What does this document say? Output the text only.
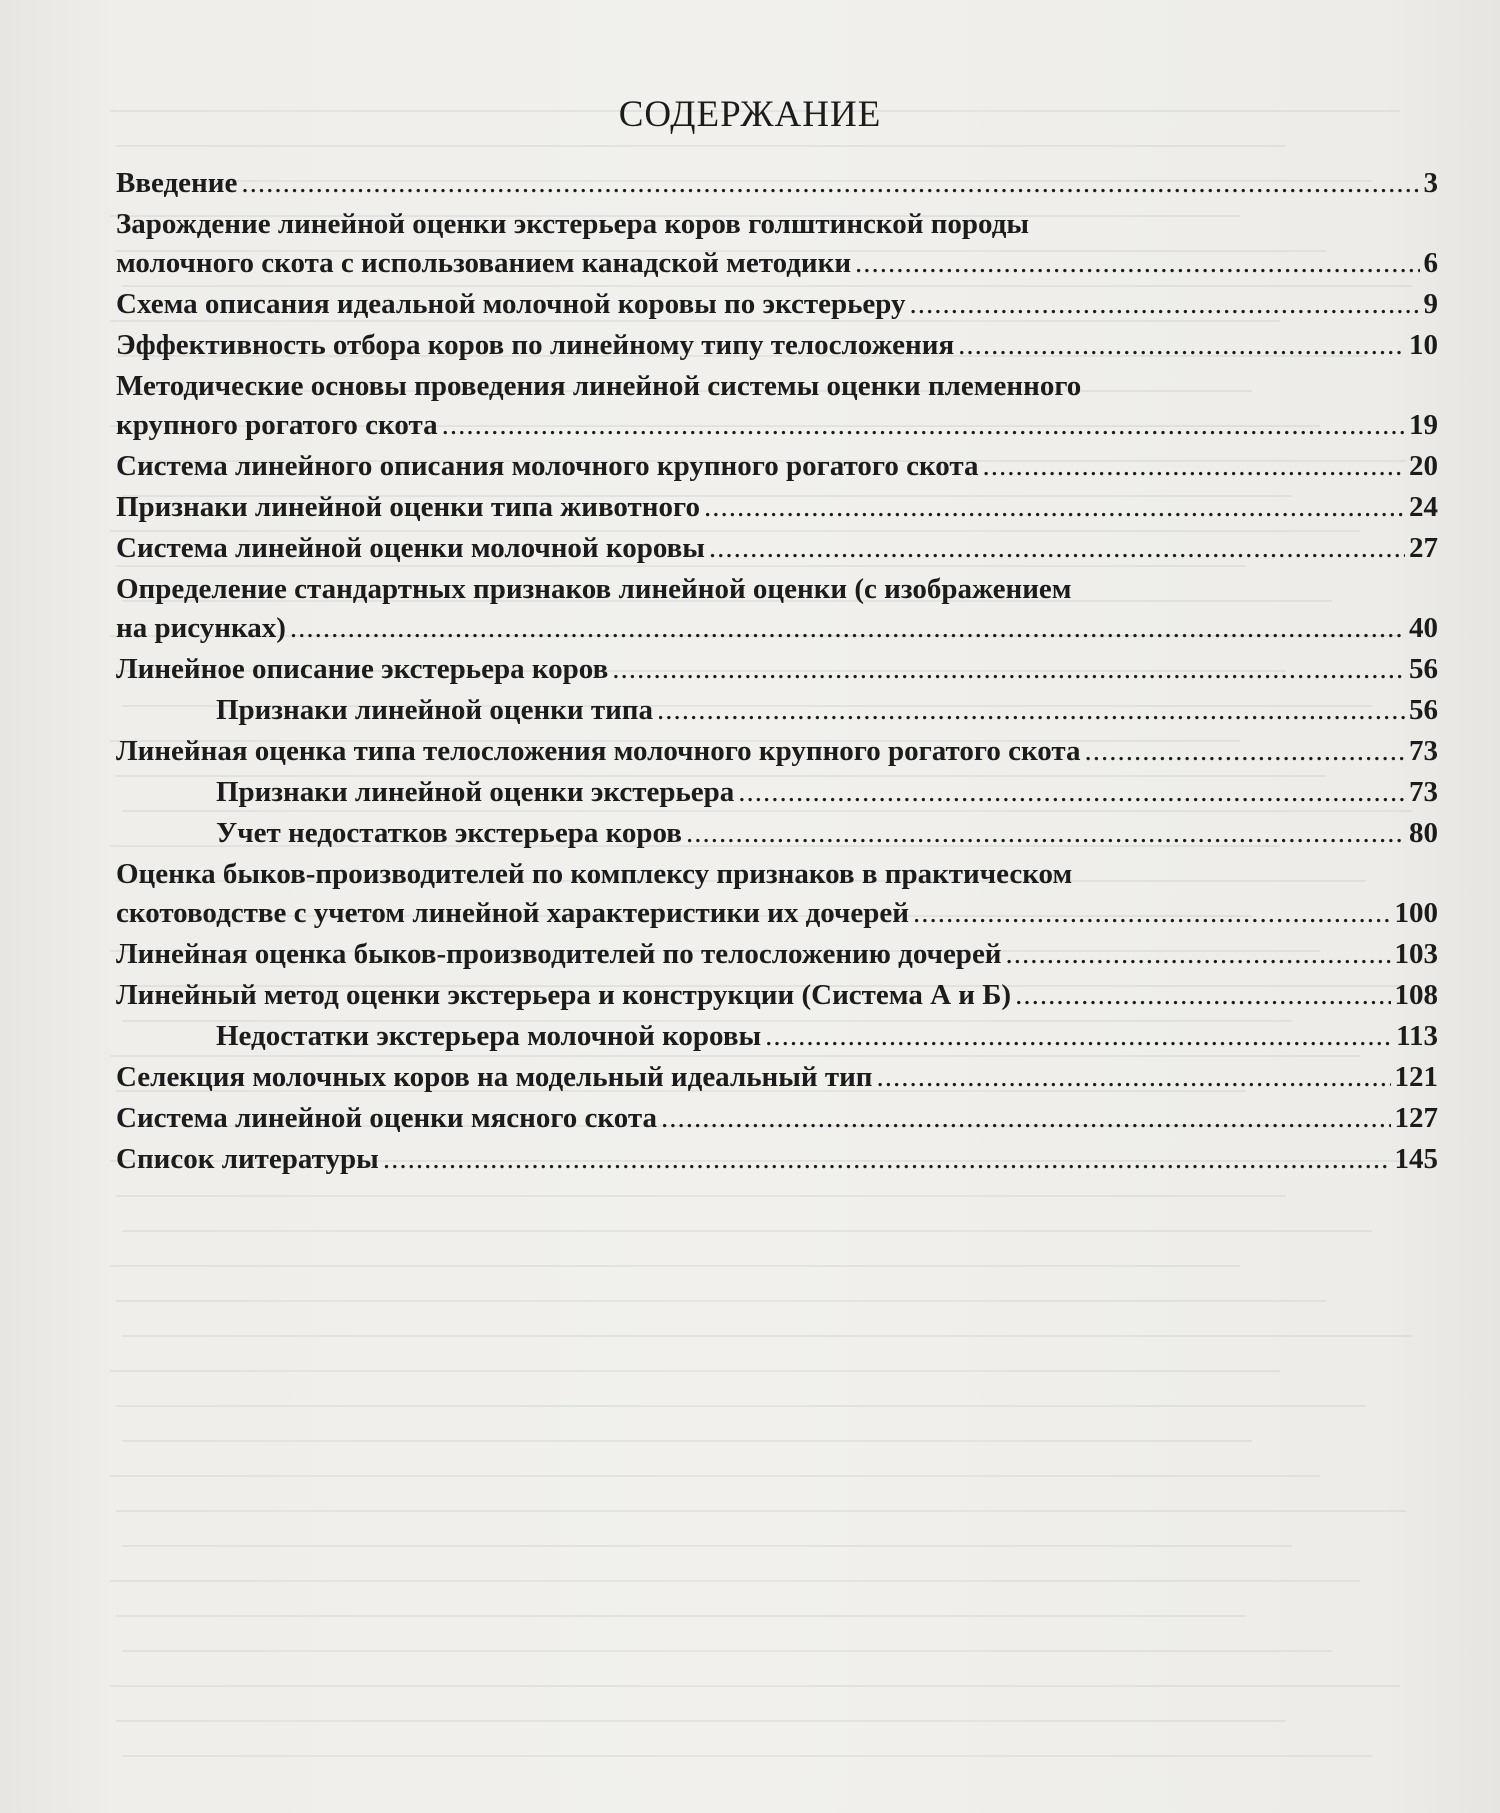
СОДЕРЖАНИЕ
Введение .....	3
Зарождение линейной оценки экстерьера коров голштинской породы
молочного скота с использованием канадской методики .....	6
Схема описания идеальной молочной коровы по экстерьеру .....	9
Эффективность отбора коров по линейному типу телосложения .....	10
Методические основы проведения линейной системы оценки племенного
крупного рогатого скота .....	19
Система линейного описания молочного крупного рогатого скота .....	20
Признаки линейной оценки типа животного .....	24
Система линейной оценки молочной коровы .....	27
Определение стандартных признаков линейной оценки (с изображением
на рисунках) .....	40
Линейное описание экстерьера коров .....	56
Признаки линейной оценки типа .....	56
Линейная оценка типа телосложения молочного крупного рогатого скота .....	73
Признаки линейной оценки экстерьера .....	73
Учет недостатков экстерьера коров .....	80
Оценка быков-производителей по комплексу признаков в практическом
скотоводстве с учетом линейной характеристики их дочерей .....	100
Линейная оценка быков-производителей по телосложению дочерей .....	103
Линейный метод оценки экстерьера и конструкции (Система А и Б) .....	108
Недостатки экстерьера молочной коровы .....	113
Селекция молочных коров на модельный идеальный тип .....	121
Система линейной оценки мясного скота .....	127
Список литературы .....	145
